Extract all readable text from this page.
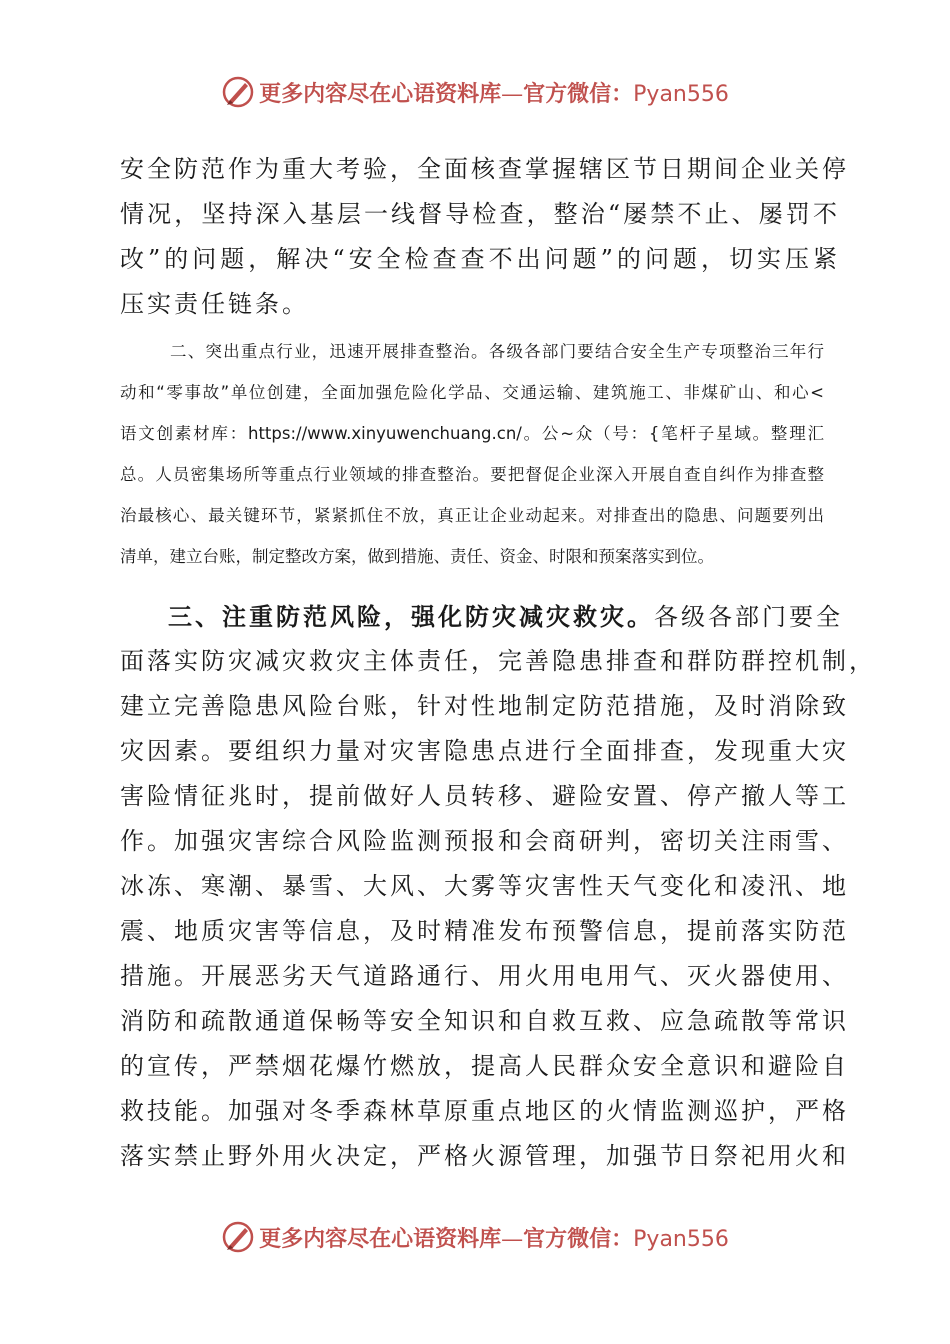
更多内容尽在心语资料库—官方微信：Pyan556
安全防范作为重大考验，全面核查掌握辖区节日期间企业关停
情况，坚持深入基层一线督导检查，整治“屡禁不止、屡罚不
改”的问题，解决“安全检查查不出问题”的问题，切实压紧
压实责任链条。
二、突出重点行业，迅速开展排查整治。各级各部门要结合安全生产专项整治三年行
动和“零事故”单位创建，全面加强危险化学品、交通运输、建筑施工、非煤矿山、和心<
语文创素材库：https://www.xinyuwenchuang.cn/。公~众（号：{笔杆子星域。整理汇
总。人员密集场所等重点行业领域的排查整治。要把督促企业深入开展自查自纠作为排查整
治最核心、最关键环节，紧紧抓住不放，真正让企业动起来。对排查出的隐患、问题要列出
清单，建立台账，制定整改方案，做到措施、责任、资金、时限和预案落实到位。
三、注重防范风险，强化防灾减灾救灾。各级各部门要全
面落实防灾减灾救灾主体责任，完善隐患排查和群防群控机制，
建立完善隐患风险台账，针对性地制定防范措施，及时消除致
灾因素。要组织力量对灾害隐患点进行全面排查，发现重大灾
害险情征兆时，提前做好人员转移、避险安置、停产撤人等工
作。加强灾害综合风险监测预报和会商研判，密切关注雨雪、
冰冻、寒潮、暴雪、大风、大雾等灾害性天气变化和凌汛、地
震、地质灾害等信息，及时精准发布预警信息，提前落实防范
措施。开展恶劣天气道路通行、用火用电用气、灭火器使用、
消防和疏散通道保畅等安全知识和自救互救、应急疏散等常识
的宣传，严禁烟花爆竹燃放，提高人民群众安全意识和避险自
救技能。加强对冬季森林草原重点地区的火情监测巡护，严格
落实禁止野外用火决定，严格火源管理，加强节日祭祀用火和
更多内容尽在心语资料库—官方微信：Pyan556
